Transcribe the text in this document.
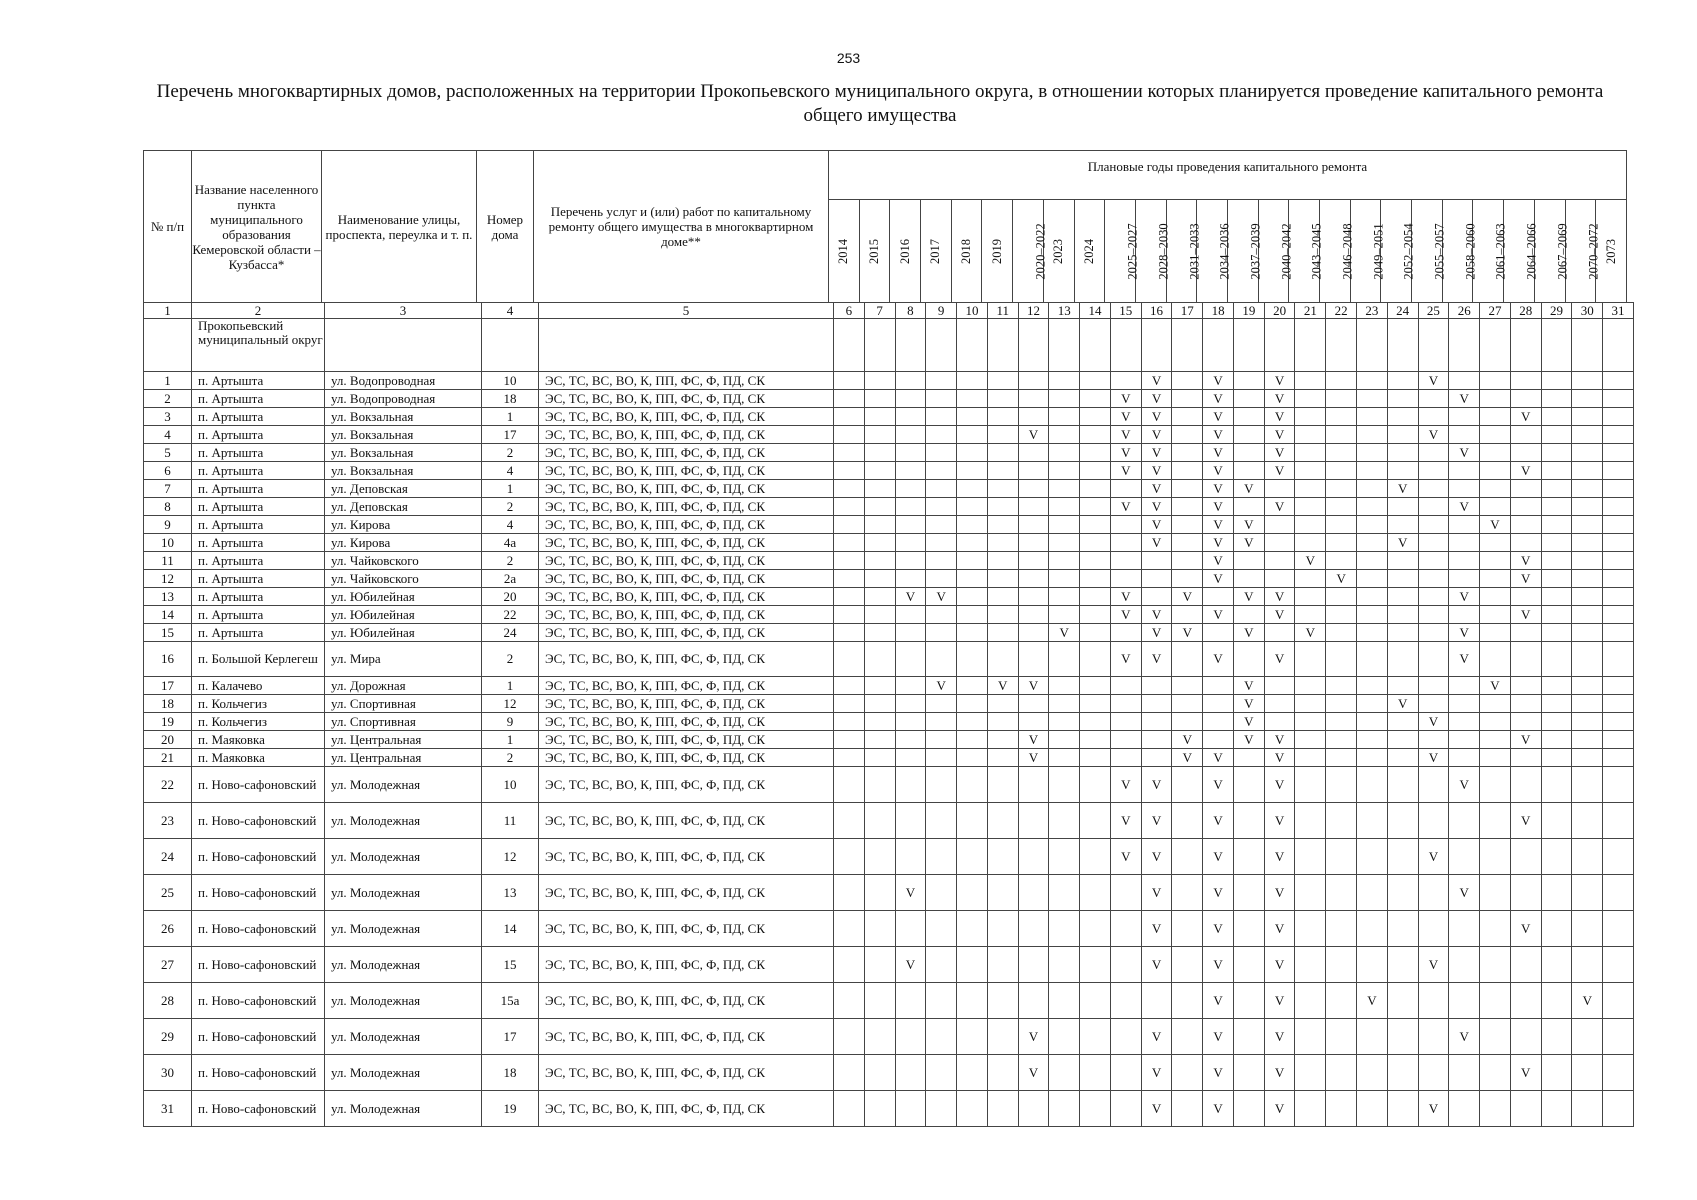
253
Перечень многоквартирных домов, расположенных на территории Прокопьевского муниципального округа, в отношении которых планируется проведение капитального ремонта общего имущества
№ п/п	Название населенного пункта муниципального образования Кемеровской области – Кузбасса*	Наименование улицы, проспекта, переулка и т. п.	Номер дома	Перечень услуг и (или) работ по капитальному ремонту общего имущества в многоквартирном доме**	Плановые годы проведения капитального ремонта																									
					2014	2015	2016	2017	2018	2019	2020–2022	2023	2024	2025–2027	2028–2030	2031–2033	2034–2036	2037–2039	2040–2042	2043–2045	2046–2048	2049–2051	2052–2054	2055–2057	2058–2060	2061–2063	2064–2066	2067–2069	2070–2072	2073
1	2	3	4	5	6	7	8	9	10	11	12	13	14	15	16	17	18	19	20	21	22	23	24	25	26	27	28	29	30	31
	Прокопьевский муниципальный округ																													
1	п. Артышта	ул. Водопроводная	10	ЭС, ТС, ВС, ВО, К, ПП, ФС, Ф, ПД, СК											V		V		V					V						
2	п. Артышта	ул. Водопроводная	18	ЭС, ТС, ВС, ВО, К, ПП, ФС, Ф, ПД, СК										V	V		V		V						V					
3	п. Артышта	ул. Вокзальная	1	ЭС, ТС, ВС, ВО, К, ПП, ФС, Ф, ПД, СК										V	V		V		V								V			
4	п. Артышта	ул. Вокзальная	17	ЭС, ТС, ВС, ВО, К, ПП, ФС, Ф, ПД, СК							V			V	V		V		V					V						
5	п. Артышта	ул. Вокзальная	2	ЭС, ТС, ВС, ВО, К, ПП, ФС, Ф, ПД, СК										V	V		V		V						V					
6	п. Артышта	ул. Вокзальная	4	ЭС, ТС, ВС, ВО, К, ПП, ФС, Ф, ПД, СК										V	V		V		V								V			
7	п. Артышта	ул. Деповская	1	ЭС, ТС, ВС, ВО, К, ПП, ФС, Ф, ПД, СК											V		V	V					V							
8	п. Артышта	ул. Деповская	2	ЭС, ТС, ВС, ВО, К, ПП, ФС, Ф, ПД, СК										V	V		V		V						V					
9	п. Артышта	ул. Кирова	4	ЭС, ТС, ВС, ВО, К, ПП, ФС, Ф, ПД, СК											V		V	V								V				
10	п. Артышта	ул. Кирова	4а	ЭС, ТС, ВС, ВО, К, ПП, ФС, Ф, ПД, СК											V		V	V					V							
11	п. Артышта	ул. Чайковского	2	ЭС, ТС, ВС, ВО, К, ПП, ФС, Ф, ПД, СК													V			V							V			
12	п. Артышта	ул. Чайковского	2а	ЭС, ТС, ВС, ВО, К, ПП, ФС, Ф, ПД, СК													V				V						V			
13	п. Артышта	ул. Юбилейная	20	ЭС, ТС, ВС, ВО, К, ПП, ФС, Ф, ПД, СК			V	V						V		V		V	V						V					
14	п. Артышта	ул. Юбилейная	22	ЭС, ТС, ВС, ВО, К, ПП, ФС, Ф, ПД, СК										V	V		V		V								V			
15	п. Артышта	ул. Юбилейная	24	ЭС, ТС, ВС, ВО, К, ПП, ФС, Ф, ПД, СК								V			V	V		V		V					V					
16	п. Большой Керлегеш	ул. Мира	2	ЭС, ТС, ВС, ВО, К, ПП, ФС, Ф, ПД, СК										V	V		V		V						V					
17	п. Калачево	ул. Дорожная	1	ЭС, ТС, ВС, ВО, К, ПП, ФС, Ф, ПД, СК				V		V	V							V								V				
18	п. Кольчегиз	ул. Спортивная	12	ЭС, ТС, ВС, ВО, К, ПП, ФС, Ф, ПД, СК														V					V							
19	п. Кольчегиз	ул. Спортивная	9	ЭС, ТС, ВС, ВО, К, ПП, ФС, Ф, ПД, СК														V						V						
20	п. Маяковка	ул. Центральная	1	ЭС, ТС, ВС, ВО, К, ПП, ФС, Ф, ПД, СК							V					V		V	V								V			
21	п. Маяковка	ул. Центральная	2	ЭС, ТС, ВС, ВО, К, ПП, ФС, Ф, ПД, СК							V					V	V		V					V						
22	п. Ново-сафоновский	ул. Молодежная	10	ЭС, ТС, ВС, ВО, К, ПП, ФС, Ф, ПД, СК										V	V		V		V						V					
23	п. Ново-сафоновский	ул. Молодежная	11	ЭС, ТС, ВС, ВО, К, ПП, ФС, Ф, ПД, СК										V	V		V		V								V			
24	п. Ново-сафоновский	ул. Молодежная	12	ЭС, ТС, ВС, ВО, К, ПП, ФС, Ф, ПД, СК										V	V		V		V					V						
25	п. Ново-сафоновский	ул. Молодежная	13	ЭС, ТС, ВС, ВО, К, ПП, ФС, Ф, ПД, СК			V								V		V		V						V					
26	п. Ново-сафоновский	ул. Молодежная	14	ЭС, ТС, ВС, ВО, К, ПП, ФС, Ф, ПД, СК											V		V		V								V			
27	п. Ново-сафоновский	ул. Молодежная	15	ЭС, ТС, ВС, ВО, К, ПП, ФС, Ф, ПД, СК			V								V		V		V					V						
28	п. Ново-сафоновский	ул. Молодежная	15а	ЭС, ТС, ВС, ВО, К, ПП, ФС, Ф, ПД, СК													V		V			V							V	
29	п. Ново-сафоновский	ул. Молодежная	17	ЭС, ТС, ВС, ВО, К, ПП, ФС, Ф, ПД, СК							V				V		V		V						V					
30	п. Ново-сафоновский	ул. Молодежная	18	ЭС, ТС, ВС, ВО, К, ПП, ФС, Ф, ПД, СК							V				V		V		V								V			
31	п. Ново-сафоновский	ул. Молодежная	19	ЭС, ТС, ВС, ВО, К, ПП, ФС, Ф, ПД, СК											V		V		V					V						
